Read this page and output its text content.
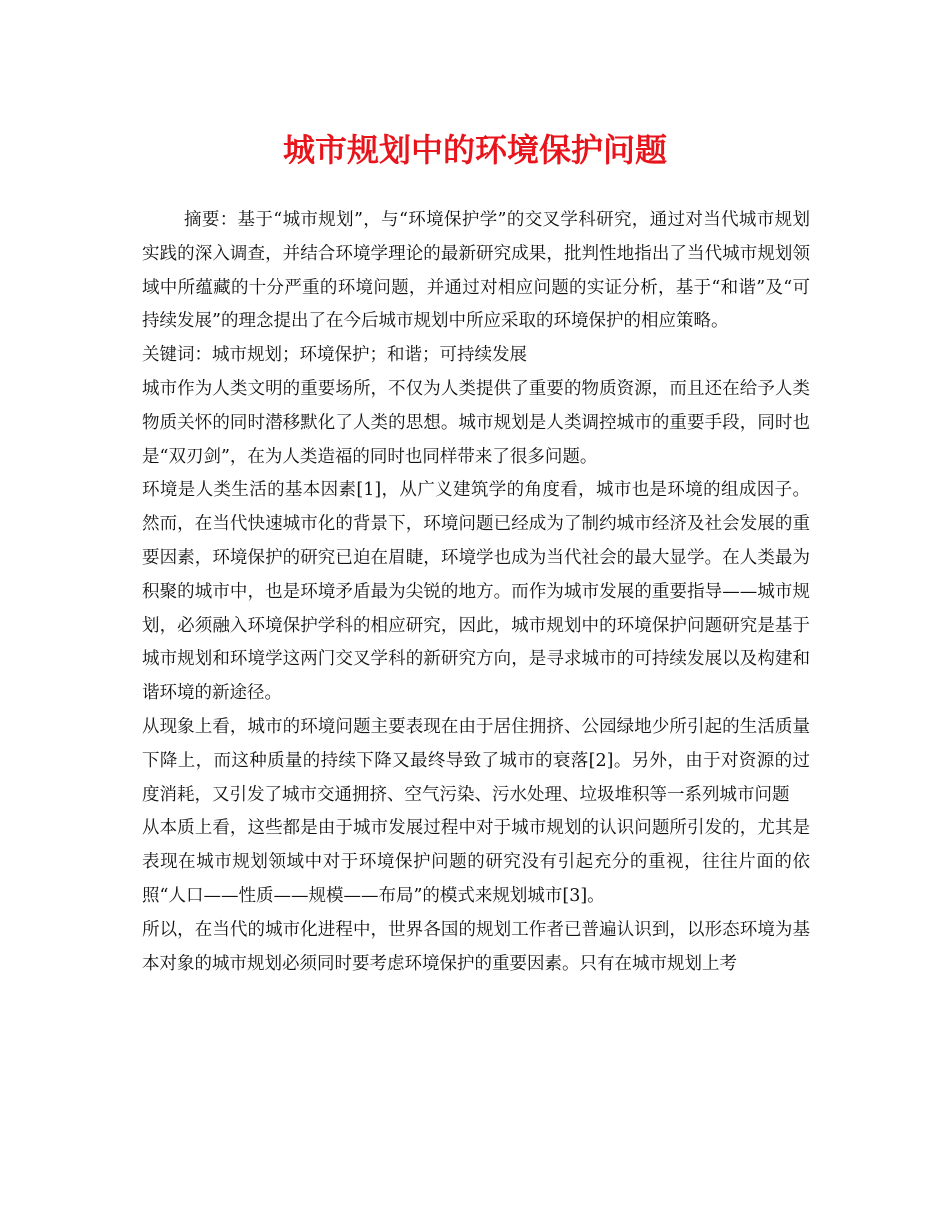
城市规划中的环境保护问题

摘要：基于“城市规划”，与“环境保护学”的交叉学科研究，通过对当代城市规划实践的深入调查，并结合环境学理论的最新研究成果，批判性地指出了当代城市规划领域中所蕴藏的十分严重的环境问题，并通过对相应问题的实证分析，基于“和谐”及“可持续发展”的理念提出了在今后城市规划中所应采取的环境保护的相应策略。

关键词：城市规划；环境保护；和谐；可持续发展

城市作为人类文明的重要场所，不仅为人类提供了重要的物质资源，而且还在给予人类物质关怀的同时潜移默化了人类的思想。城市规划是人类调控城市的重要手段，同时也是“双刃剑”，在为人类造福的同时也同样带来了很多问题。

环境是人类生活的基本因素[1]，从广义建筑学的角度看，城市也是环境的组成因子。然而，在当代快速城市化的背景下，环境问题已经成为了制约城市经济及社会发展的重要因素，环境保护的研究已迫在眉睫，环境学也成为当代社会的最大显学。在人类最为积聚的城市中，也是环境矛盾最为尖锐的地方。而作为城市发展的重要指导——城市规划，必须融入环境保护学科的相应研究，因此，城市规划中的环境保护问题研究是基于城市规划和环境学这两门交叉学科的新研究方向，是寻求城市的可持续发展以及构建和谐环境的新途径。

从现象上看，城市的环境问题主要表现在由于居住拥挤、公园绿地少所引起的生活质量下降上，而这种质量的持续下降又最终导致了城市的衰落[2]。另外，由于对资源的过度消耗，又引发了城市交通拥挤、空气污染、污水处理、垃圾堆积等一系列城市问题

从本质上看，这些都是由于城市发展过程中对于城市规划的认识问题所引发的，尤其是表现在城市规划领域中对于环境保护问题的研究没有引起充分的重视，往往片面的依照“人口——性质——规模——布局”的模式来规划城市[3]。

所以，在当代的城市化进程中，世界各国的规划工作者已普遍认识到，以形态环境为基本对象的城市规划必须同时要考虑环境保护的重要因素。只有在城市规划上考
